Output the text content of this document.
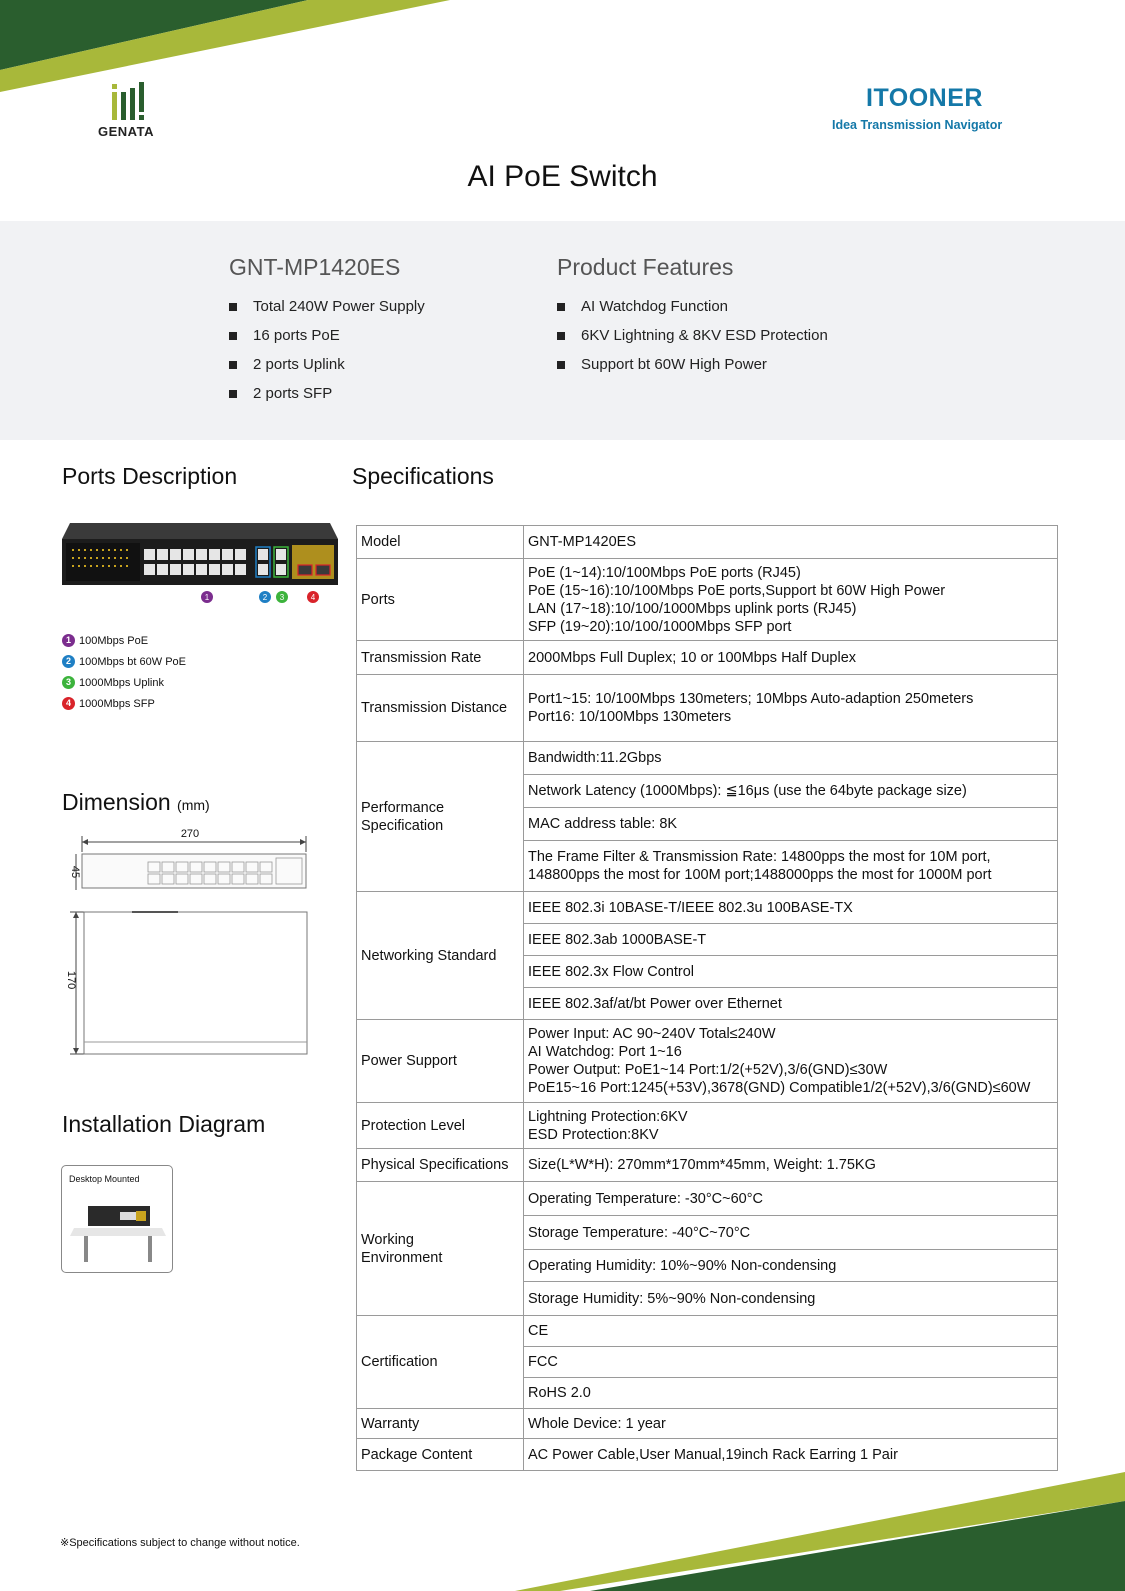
GENATA
ITOONER
Idea Transmission Navigator
AI PoE Switch
GNT-MP1420ES
Total 240W Power Supply
16 ports PoE
2 ports Uplink
2 ports SFP
Product Features
AI Watchdog Function
6KV Lightning & 8KV ESD Protection
Support bt 60W High Power
Ports Description
1	2 3	4
1 100Mbps PoE
2 100Mbps bt 60W PoE
3 1000Mbps Uplink
4 1000Mbps SFP
Dimension (mm)
270
45
170
Installation Diagram
Desktop Mounted
Specifications
Model	GNT-MP1420ES
Ports	PoE (1~14):10/100Mbps PoE ports (RJ45)
PoE (15~16):10/100Mbps PoE ports,Support bt 60W High Power
LAN (17~18):10/100/1000Mbps uplink ports (RJ45)
SFP (19~20):10/100/1000Mbps SFP port

Transmission Rate	2000Mbps Full Duplex; 10 or 100Mbps Half Duplex
Transmission Distance	Port1~15: 10/100Mbps 130meters; 10Mbps Auto-adaption 250meters
Port16: 10/100Mbps 130meters

Performance
Specification	Bandwidth:11.2Gbps
	Network Latency (1000Mbps): ≦16μs (use the 64byte package size)
	MAC address table: 8K

	The Frame Filter & Transmission Rate: 14800pps the most for 10M port,
148800pps the most for 100M port;1488000pps the most for 1000M port

Networking Standard	IEEE 802.3i 10BASE-T/IEEE 802.3u 100BASE-TX
	IEEE 802.3ab 1000BASE-T
	IEEE 802.3x Flow Control
	IEEE 802.3af/at/bt Power over Ethernet
Power Support	Power Input: AC 90~240V Total≤240W
AI Watchdog: Port 1~16
Power Output: PoE1~14 Port:1/2(+52V),3/6(GND)≤30W
PoE15~16 Port:1245(+53V),3678(GND) Compatible1/2(+52V),3/6(GND)≤60W

Protection Level	Lightning Protection:6KV
ESD Protection:8KV

Physical Specifications	Size(L*W*H): 270mm*170mm*45mm, Weight: 1.75KG

Working
Environment	Operating Temperature: -30°C~60°C
	Storage Temperature: -40°C~70°C
	Operating Humidity: 10%~90% Non-condensing
	Storage Humidity: 5%~90% Non-condensing
Certification	CE
	FCC
	RoHS 2.0
Warranty	Whole Device: 1 year
Package Content	AC Power Cable,User Manual,19inch Rack Earring 1 Pair
※Specifications subject to change without notice.
